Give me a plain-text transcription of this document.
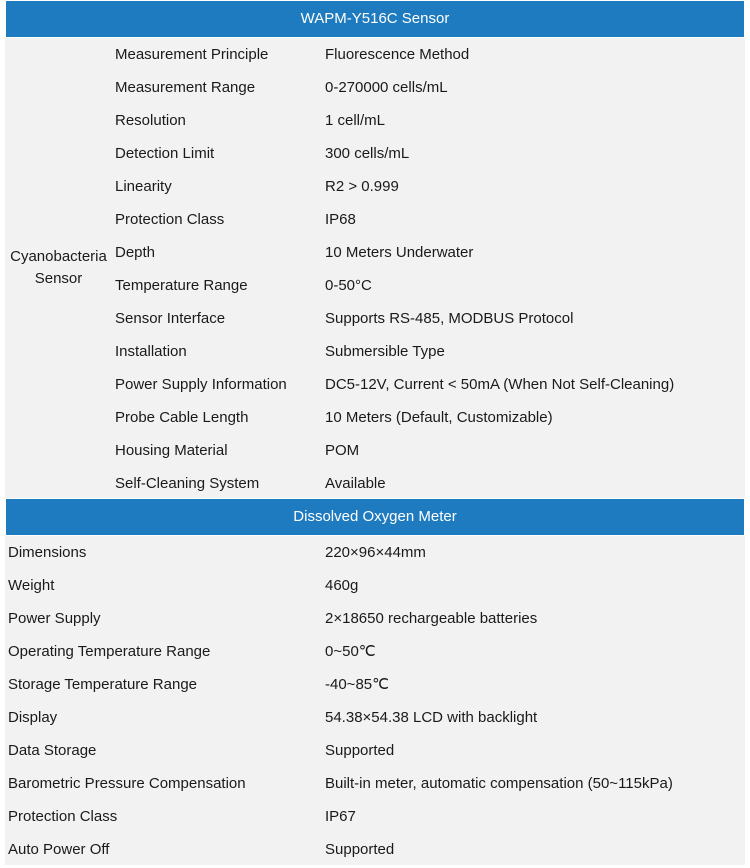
WAPM-Y516C Sensor
Cyanobacteria Sensor
Measurement Principle	Fluorescence Method
Measurement Range	0-270000 cells/mL
Resolution	1 cell/mL
Detection Limit	300 cells/mL
Linearity	R2 > 0.999
Protection Class	IP68
Depth	10 Meters Underwater
Temperature Range	0-50°C
Sensor Interface	Supports RS-485, MODBUS Protocol
Installation	Submersible Type
Power Supply Information	DC5-12V, Current < 50mA (When Not Self-Cleaning)
Probe Cable Length	10 Meters (Default, Customizable)
Housing Material	POM
Self-Cleaning System	Available
Dissolved Oxygen Meter
Dimensions	220×96×44mm
Weight	460g
Power Supply	2×18650 rechargeable batteries
Operating Temperature Range	0~50℃
Storage Temperature Range	-40~85℃
Display	54.38×54.38 LCD with backlight
Data Storage	Supported
Barometric Pressure Compensation	Built-in meter, automatic compensation (50~115kPa)
Protection Class	IP67
Auto Power Off	Supported
